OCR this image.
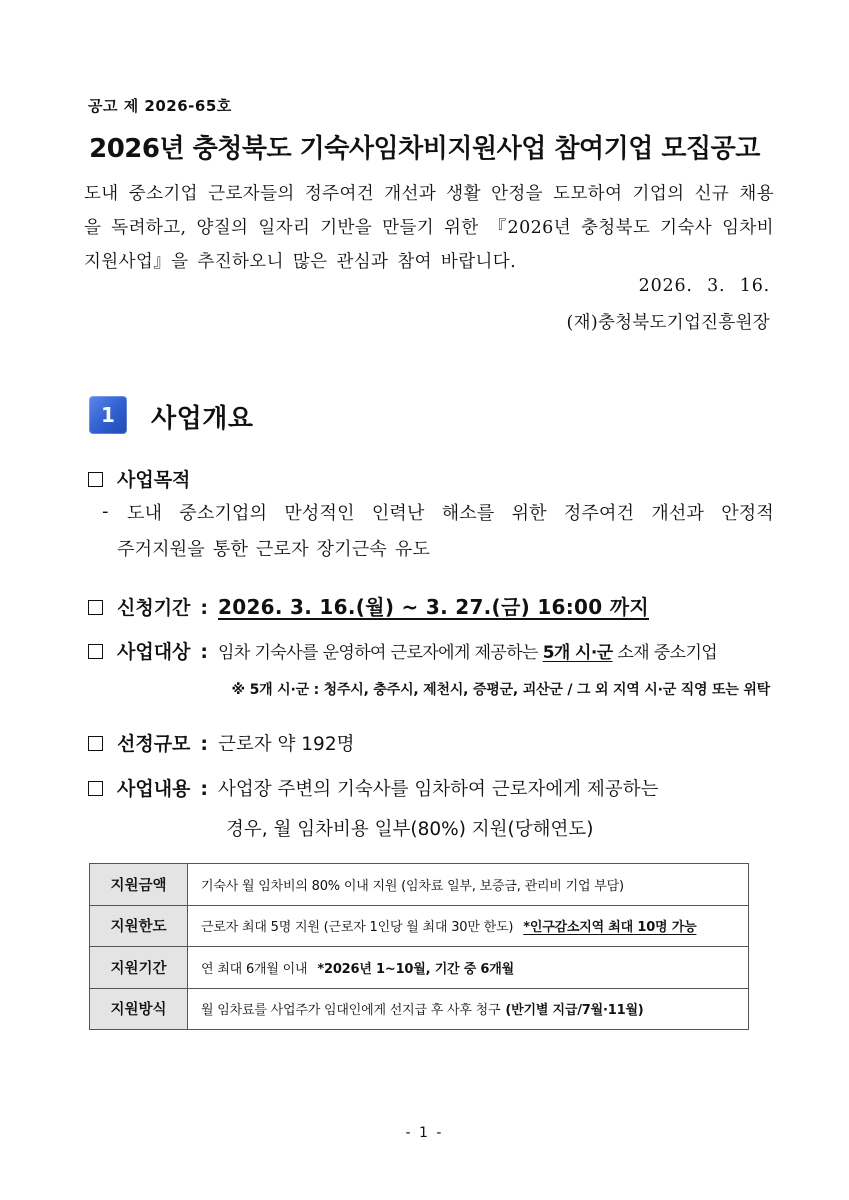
공고 제 2026-65호
2026년 충청북도 기숙사임차비지원사업 참여기업 모집공고
도내 중소기업 근로자들의 정주여건 개선과 생활 안정을 도모하여 기업의 신규 채용을 독려하고, 양질의 일자리 기반을 만들기 위한 『2026년 충청북도 기숙사 임차비 지원사업』을 추진하오니 많은 관심과 참여 바랍니다.
2026. 3. 16.
(재)충청북도기업진흥원장
1	사업개요
사업목적
- 도내 중소기업의 만성적인 인력난 해소를 위한 정주여건 개선과 안정적
주거지원을 통한 근로자 장기근속 유도
신청기간 : 2026. 3. 16.(월) ~ 3. 27.(금) 16:00 까지
사업대상 : 임차 기숙사를 운영하여 근로자에게 제공하는 5개 시·군 소재 중소기업
※ 5개 시·군 : 청주시, 충주시, 제천시, 증평군, 괴산군 / 그 외 지역 시·군 직영 또는 위탁
선정규모 : 근로자 약 192명
사업내용 : 사업장 주변의 기숙사를 임차하여 근로자에게 제공하는
경우, 월 임차비용 일부(80%) 지원(당해연도)
지원금액	기숙사 월 임차비의 80% 이내 지원 (임차료 일부, 보증금, 관리비 기업 부담)
지원한도	근로자 최대 5명 지원 (근로자 1인당 월 최대 30만 한도) *인구감소지역 최대 10명 가능
지원기간	연 최대 6개월 이내 *2026년 1~10월, 기간 중 6개월
지원방식	월 임차료를 사업주가 임대인에게 선지급 후 사후 청구 (반기별 지급/7월·11월)
- 1 -
